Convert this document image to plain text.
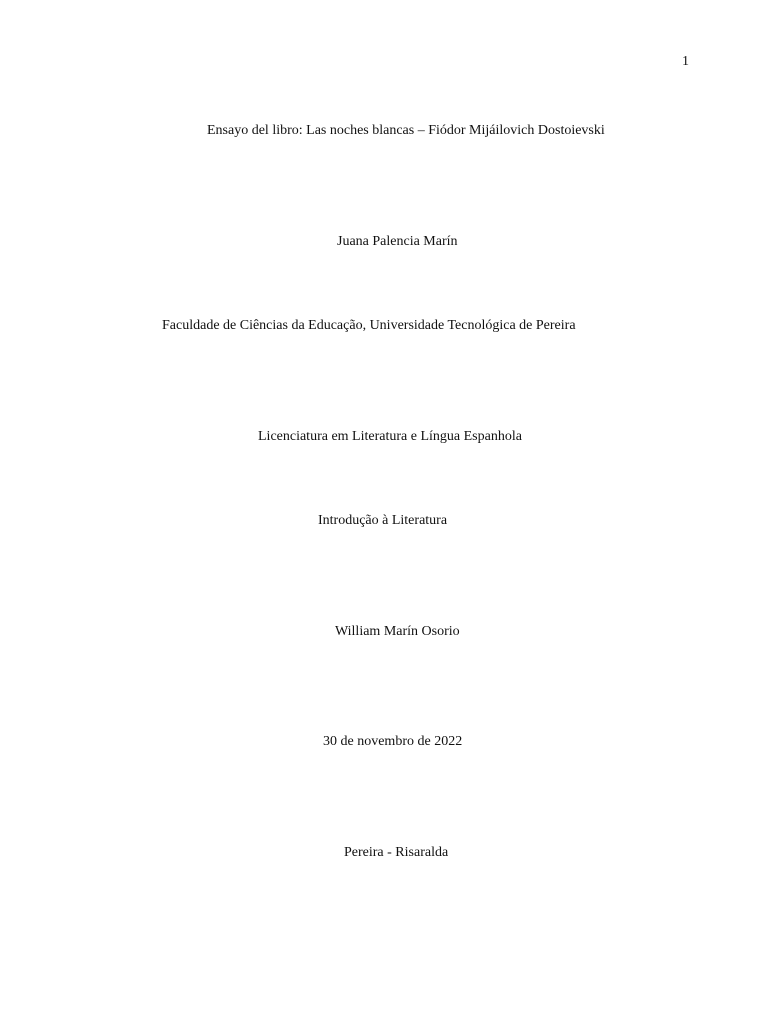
1
Ensayo del libro: Las noches blancas – Fiódor Mijáilovich Dostoievski
Juana Palencia Marín
Faculdade de Ciências da Educação, Universidade Tecnológica de Pereira
Licenciatura em Literatura e Língua Espanhola
Introdução à Literatura
William Marín Osorio
30 de novembro de 2022
Pereira - Risaralda
